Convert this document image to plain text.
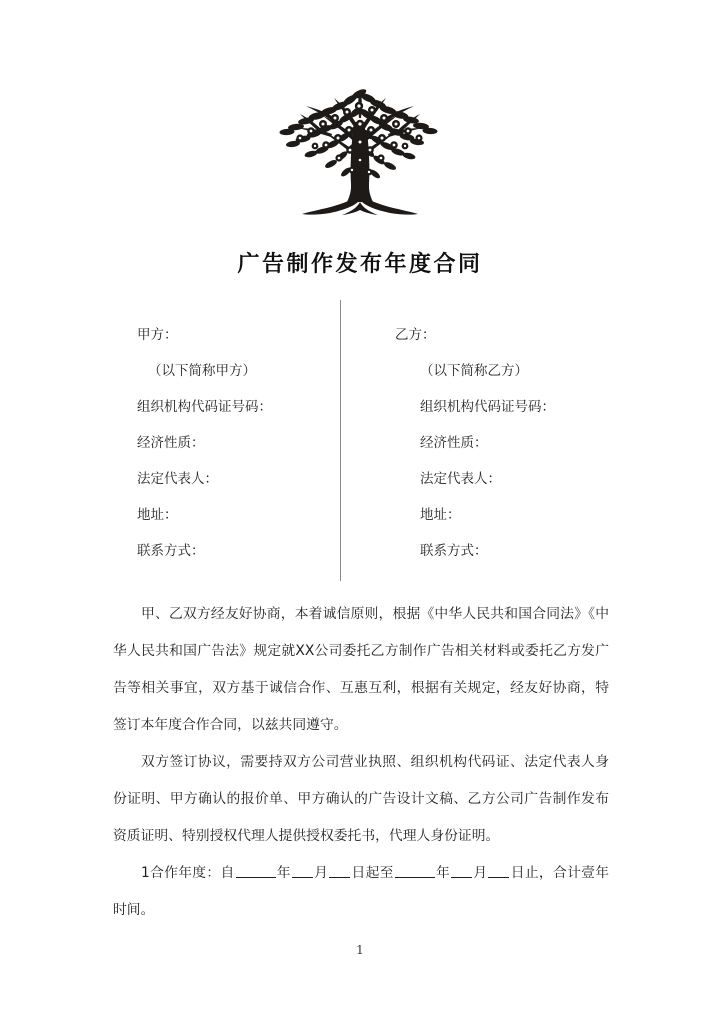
广告制作发布年度合同
甲方：
（以下简称甲方）
组织机构代码证号码：
经济性质：
法定代表人：
地址：
联系方式：
乙方：
（以下简称乙方）
组织机构代码证号码：
经济性质：
法定代表人：
地址：
联系方式：

甲、乙双方经友好协商，本着诚信原则，根据《中华人民共和国合同法》《中华人民共和国广告法》规定就XX公司委托乙方制作广告相关材料或委托乙方发广告等相关事宜，双方基于诚信合作、互惠互利，根据有关规定，经友好协商，特签订本年度合作合同，以兹共同遵守。

双方签订协议，需要持双方公司营业执照、组织机构代码证、法定代表人身份证明、甲方确认的报价单、甲方确认的广告设计文稿、乙方公司广告制作发布资质证明、特别授权代理人提供授权委托书，代理人身份证明。

1合作年度：自	年 月 日起至	年 月 日止，合计壹年时间。

1
